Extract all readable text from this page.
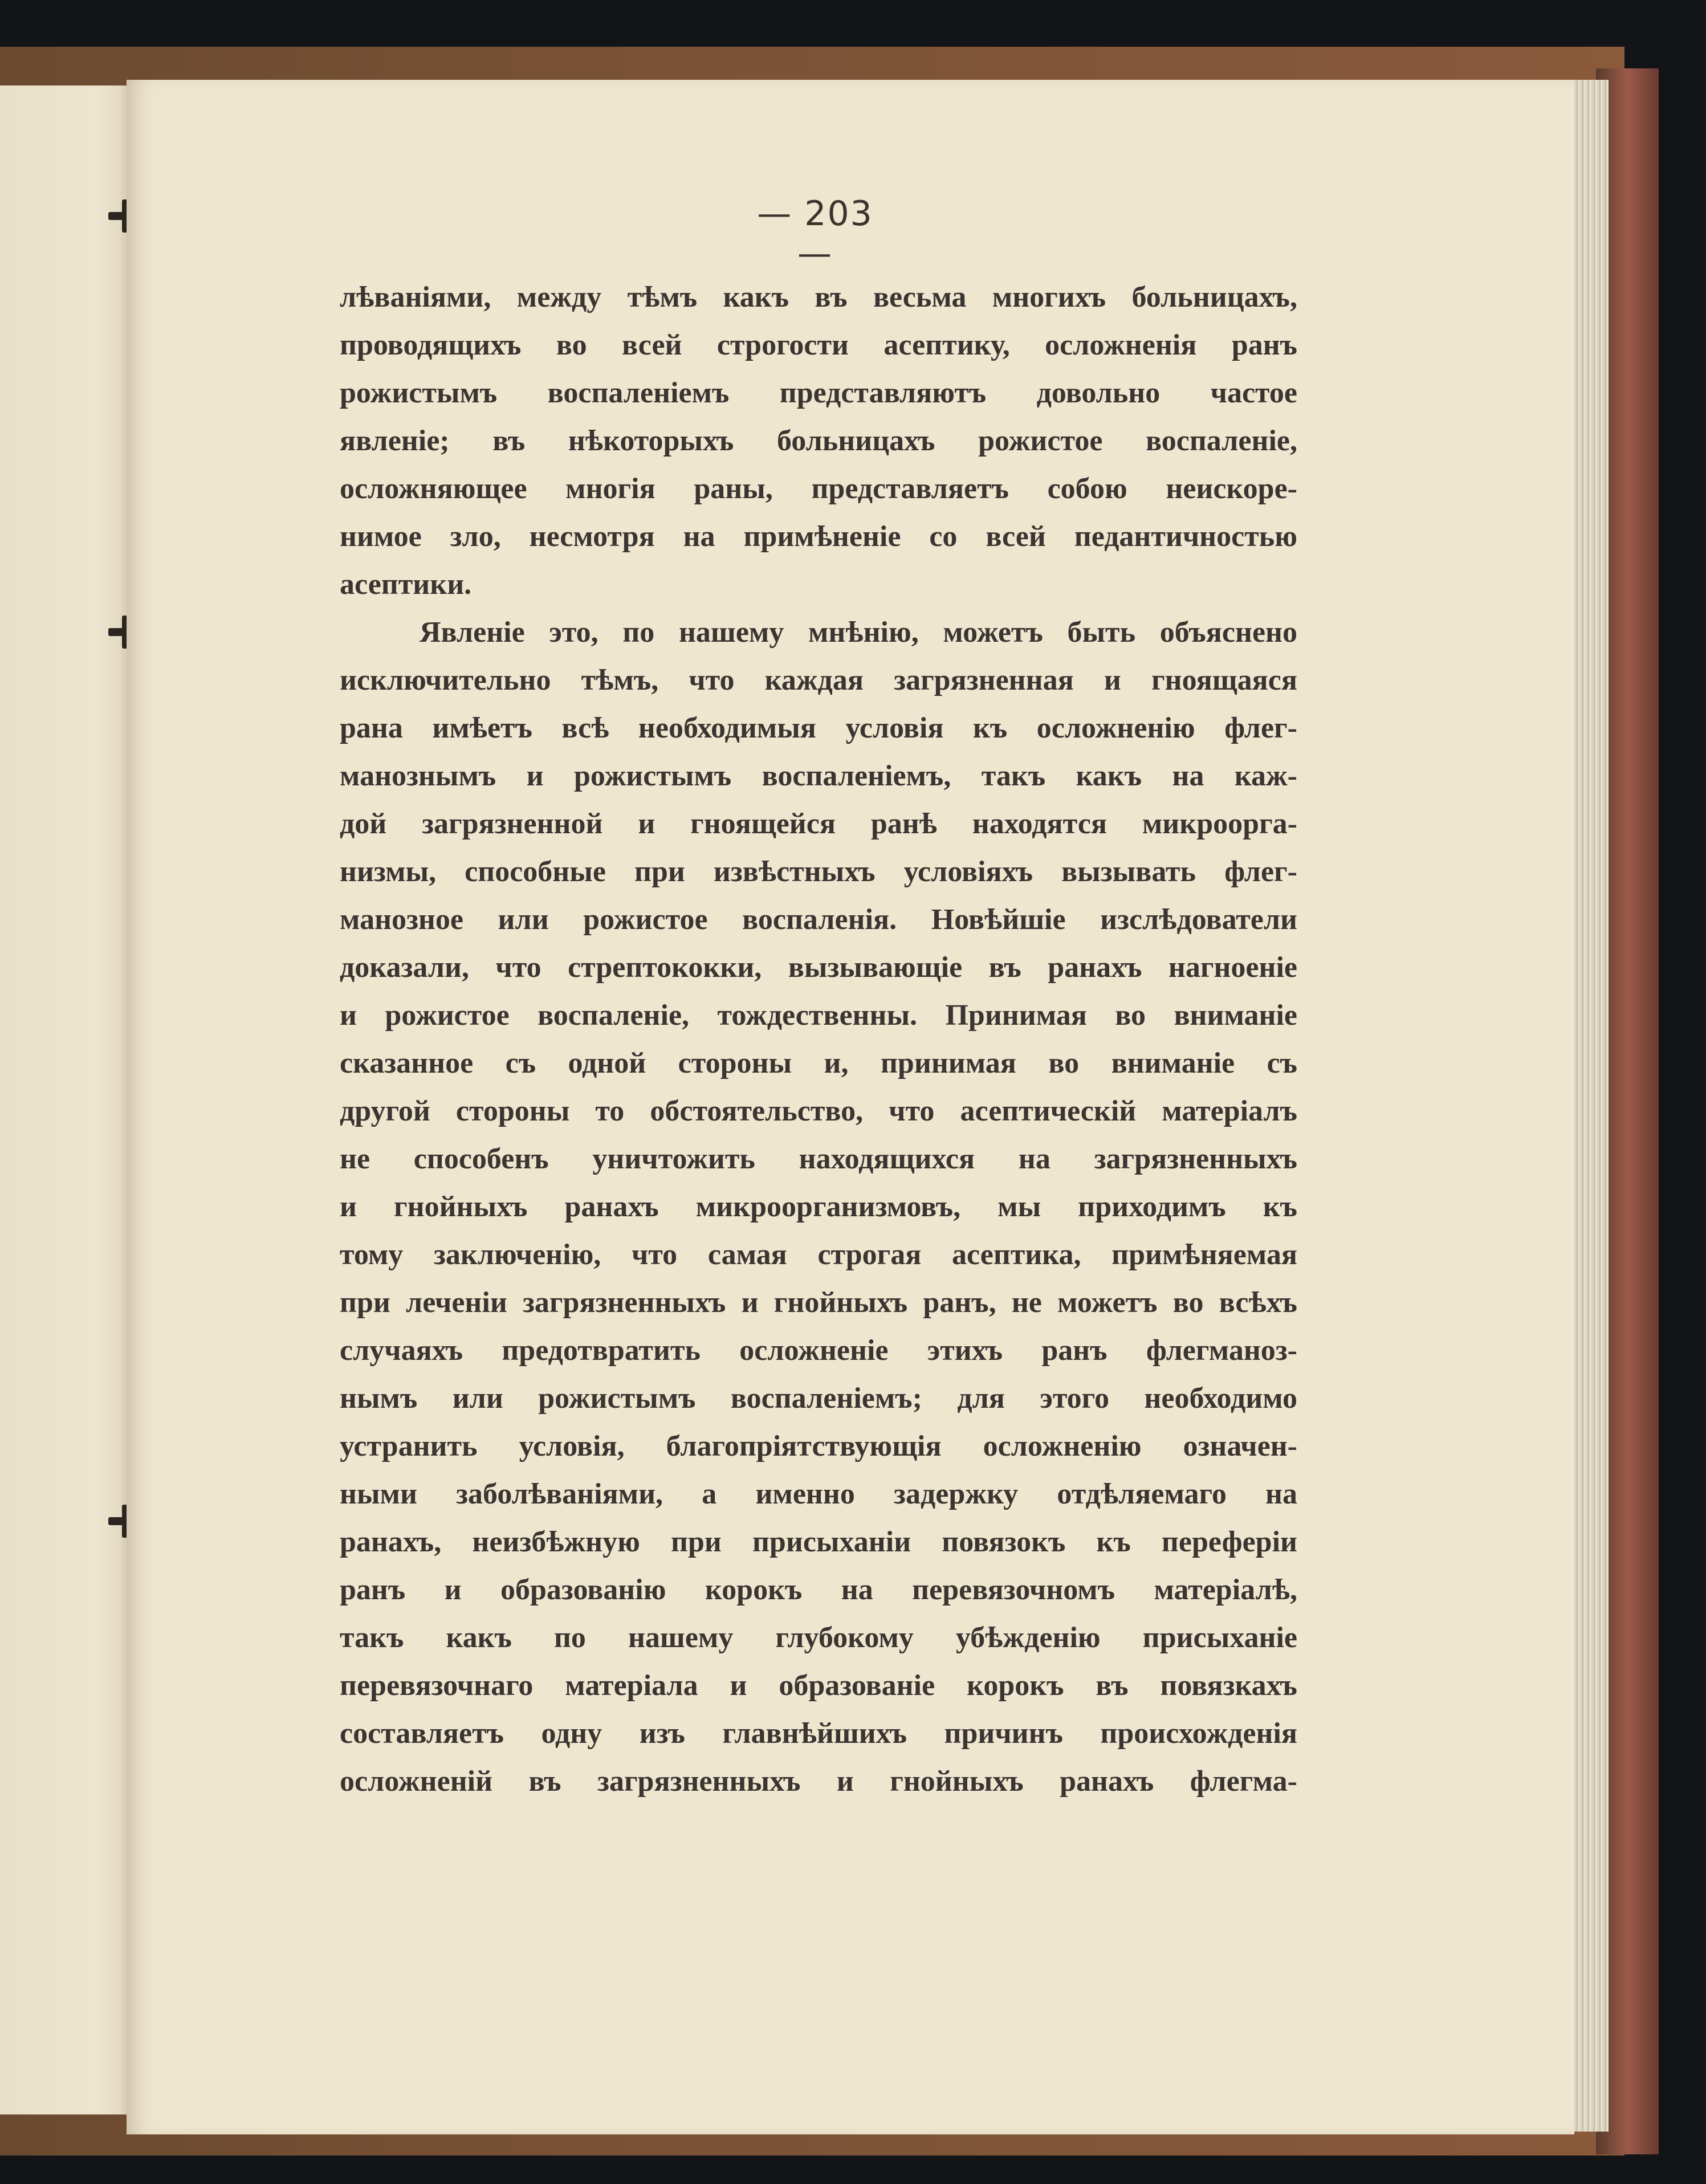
— 203 —
лѣваніями, между тѣмъ какъ въ весьма многихъ больницахъ,
проводящихъ во всей строгости асептику, осложненія ранъ
рожистымъ воспаленіемъ представляютъ довольно частое
явленіе; въ нѣкоторыхъ больницахъ рожистое воспаленіе,
осложняющее многія раны, представляетъ собою неискоре-
нимое зло, несмотря на примѣненіе со всей педантичностью
асептики.
Явленіе это, по нашему мнѣнію, можетъ быть объяснено
исключительно тѣмъ, что каждая загрязненная и гноящаяся
рана имѣетъ всѣ необходимыя условія къ осложненію флег-
манознымъ и рожистымъ воспаленіемъ, такъ какъ на каж-
дой загрязненной и гноящейся ранѣ находятся микроорга-
низмы, способные при извѣстныхъ условіяхъ вызывать флег-
манозное или рожистое воспаленія. Новѣйшіе изслѣдователи
доказали, что стрептококки, вызывающіе въ ранахъ нагноеніе
и рожистое воспаленіе, тождественны. Принимая во вниманіе
сказанное съ одной стороны и, принимая во вниманіе съ
другой стороны то обстоятельство, что асептическій матеріалъ
не способенъ уничтожить находящихся на загрязненныхъ
и гнойныхъ ранахъ микроорганизмовъ, мы приходимъ къ
тому заключенію, что самая строгая асептика, примѣняемая
при леченіи загрязненныхъ и гнойныхъ ранъ, не можетъ во всѣхъ
случаяхъ предотвратить осложненіе этихъ ранъ флегманоз-
нымъ или рожистымъ воспаленіемъ; для этого необходимо
устранить условія, благопріятствующія осложненію означен-
ными заболѣваніями, а именно задержку отдѣляемаго на
ранахъ, неизбѣжную при присыханіи повязокъ къ переферіи
ранъ и образованію корокъ на перевязочномъ матеріалѣ,
такъ какъ по нашему глубокому убѣжденію присыханіе
перевязочнаго матеріала и образованіе корокъ въ повязкахъ
составляетъ одну изъ главнѣйшихъ причинъ происхожденія
осложненій въ загрязненныхъ и гнойныхъ ранахъ флегма-
